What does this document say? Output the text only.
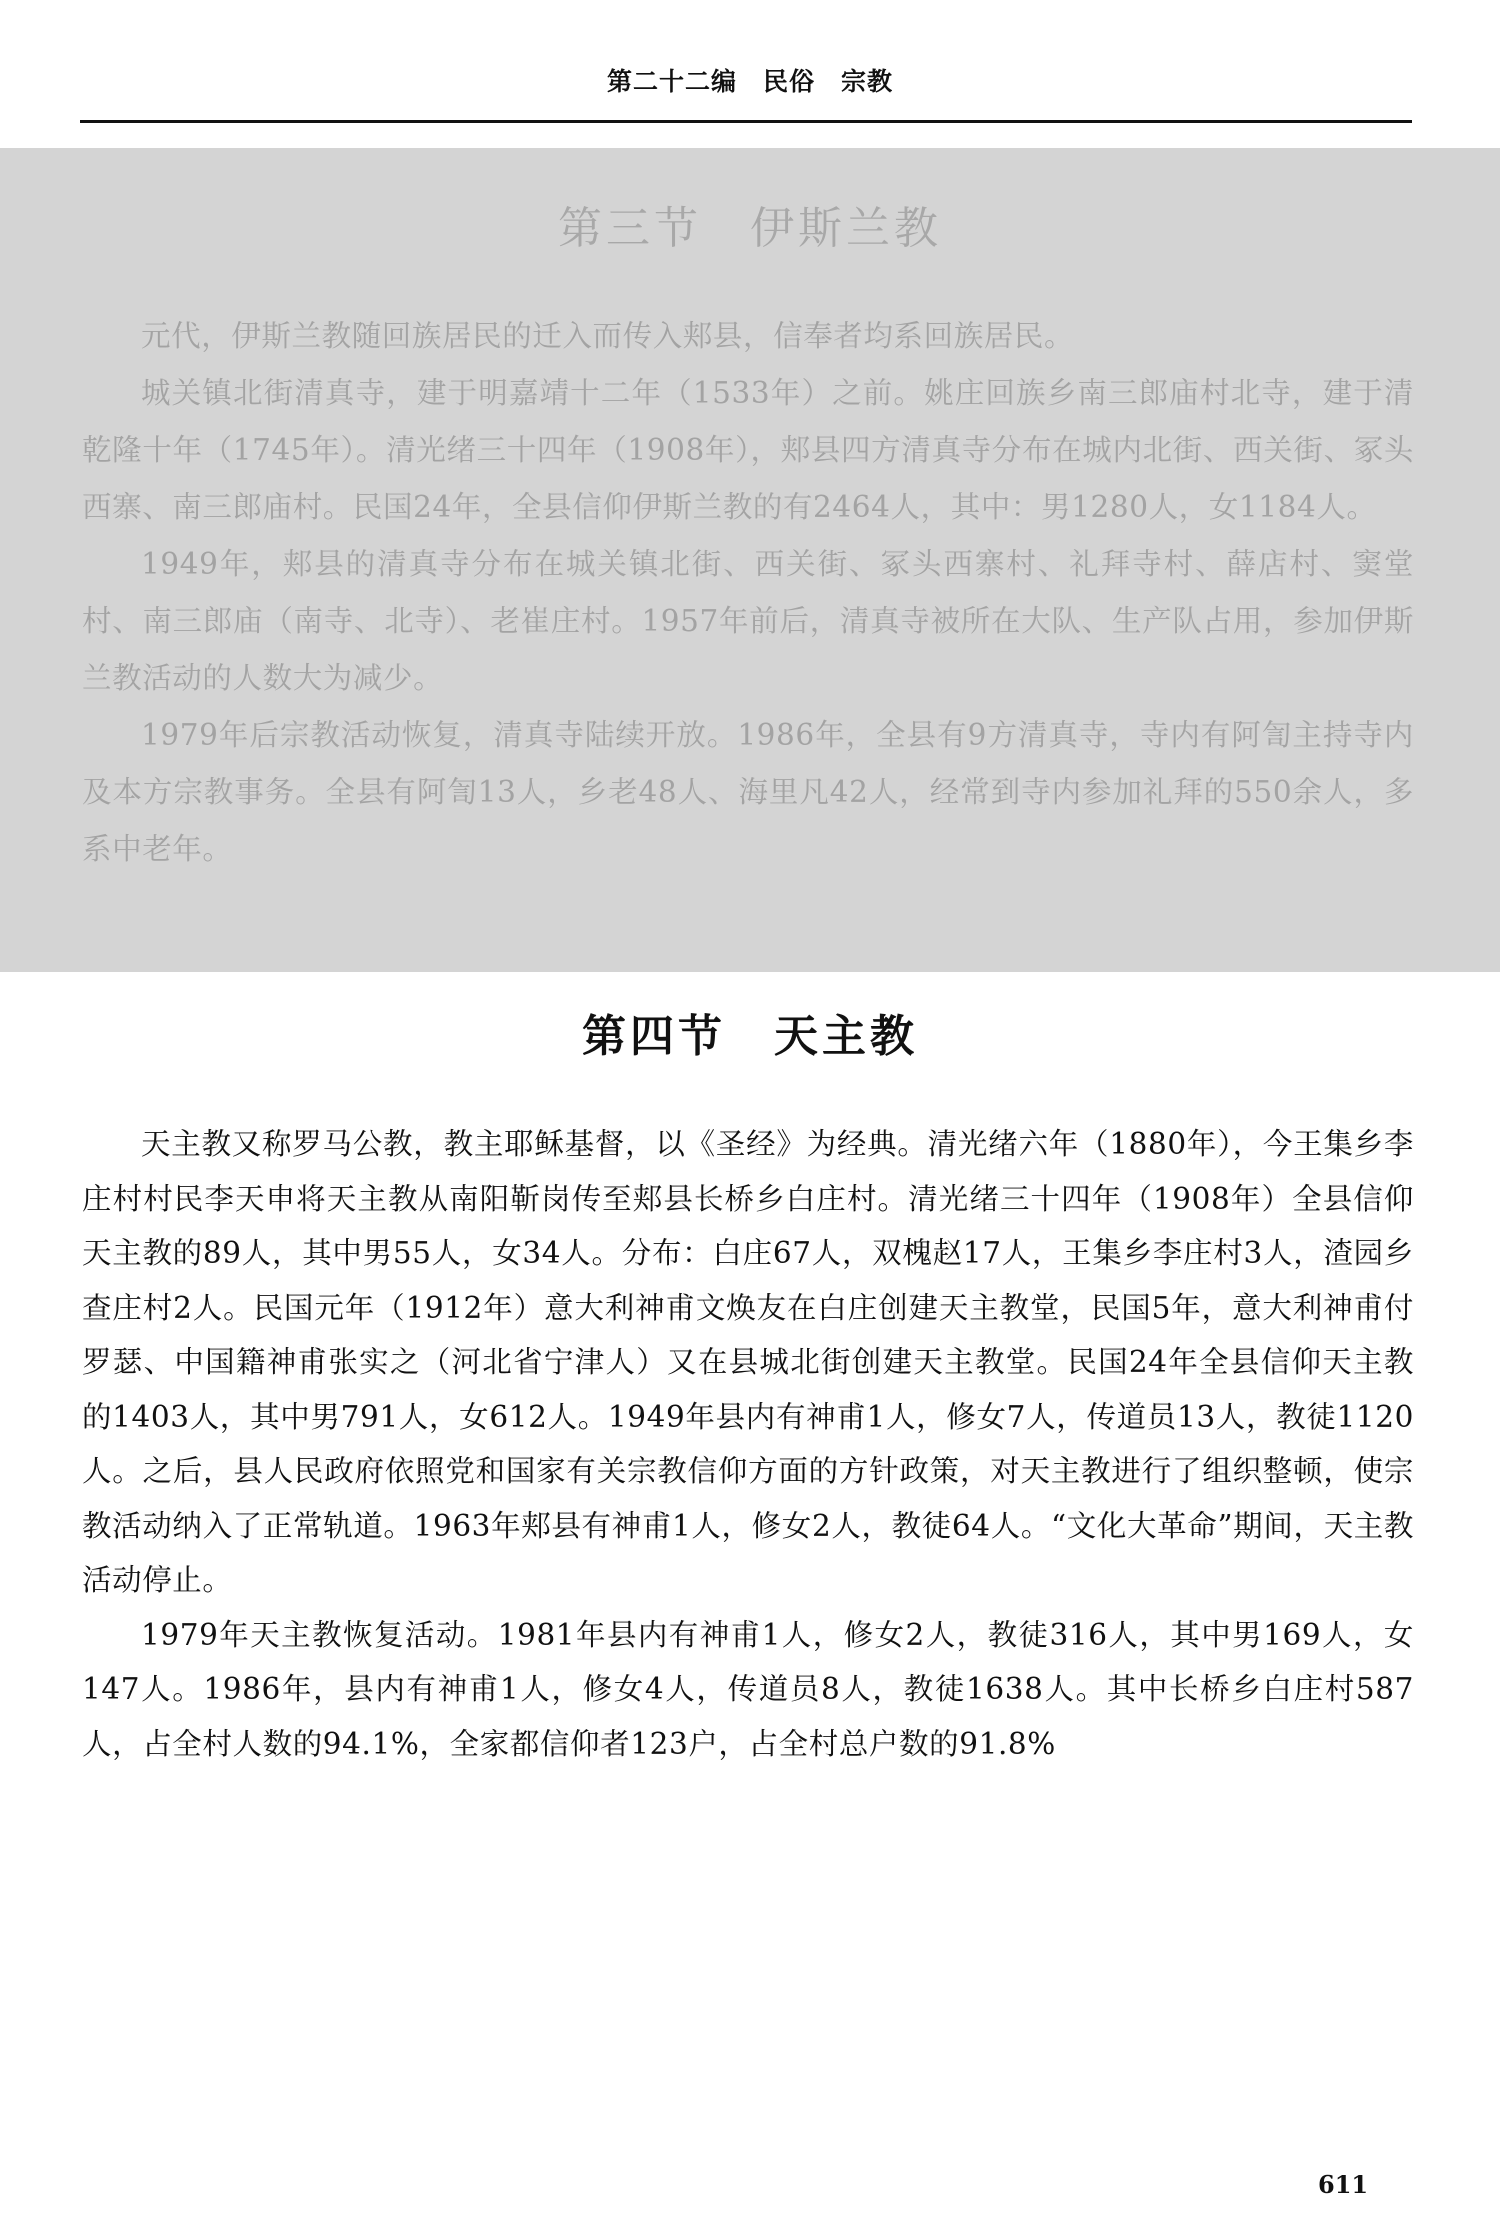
第二十二编　民俗　宗教
第三节　伊斯兰教

元代，伊斯兰教随回族居民的迁入而传入郏县，信奉者均系回族居民。

城关镇北街清真寺，建于明嘉靖十二年（1533年）之前。姚庄回族乡南三郎庙村北寺，建于清乾隆十年（1745年）。清光绪三十四年（1908年），郏县四方清真寺分布在城内北街、西关街、冢头西寨、南三郎庙村。民国24年，全县信仰伊斯兰教的有2464人，其中：男1280人，女1184人。

1949年，郏县的清真寺分布在城关镇北街、西关街、冢头西寨村、礼拜寺村、薛店村、窦堂村、南三郎庙（南寺、北寺）、老崔庄村。1957年前后，清真寺被所在大队、生产队占用，参加伊斯兰教活动的人数大为减少。

1979年后宗教活动恢复，清真寺陆续开放。1986年，全县有9方清真寺，寺内有阿訇主持寺内及本方宗教事务。全县有阿訇13人，乡老48人、海里凡42人，经常到寺内参加礼拜的550余人，多系中老年。

第四节　天主教

天主教又称罗马公教，教主耶稣基督，以《圣经》为经典。清光绪六年（1880年），今王集乡李庄村村民李天申将天主教从南阳靳岗传至郏县长桥乡白庄村。清光绪三十四年（1908年）全县信仰天主教的89人，其中男55人，女34人。分布：白庄67人，双槐赵17人，王集乡李庄村3人，渣园乡查庄村2人。民国元年（1912年）意大利神甫文焕友在白庄创建天主教堂，民国5年，意大利神甫付罗瑟、中国籍神甫张实之（河北省宁津人）又在县城北街创建天主教堂。民国24年全县信仰天主教的1403人，其中男791人，女612人。1949年县内有神甫1人，修女7人，传道员13人，教徒1120人。之后，县人民政府依照党和国家有关宗教信仰方面的方针政策，对天主教进行了组织整顿，使宗教活动纳入了正常轨道。1963年郏县有神甫1人，修女2人，教徒64人。“文化大革命”期间，天主教活动停止。

1979年天主教恢复活动。1981年县内有神甫1人，修女2人，教徒316人，其中男169人，女147人。1986年，县内有神甫1人，修女4人，传道员8人，教徒1638人。其中长桥乡白庄村587人，占全村人数的94.1%，全家都信仰者123户，占全村总户数的91.8%

611
